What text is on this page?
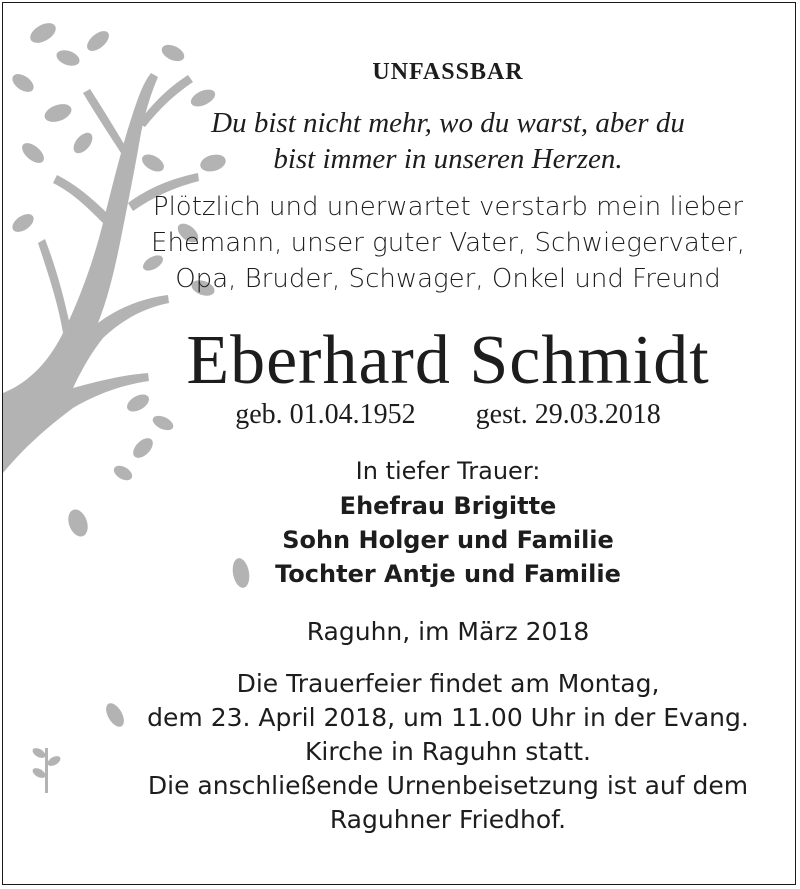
UNFASSBAR
Du bist nicht mehr, wo du warst, aber du
bist immer in unseren Herzen.
Plötzlich und unerwartet verstarb mein lieber
Ehemann, unser guter Vater, Schwiegervater,
Opa, Bruder, Schwager, Onkel und Freund
Eberhard Schmidt
geb. 01.04.1952 gest. 29.03.2018
In tiefer Trauer:
Ehefrau Brigitte
Sohn Holger und Familie
Tochter Antje und Familie
Raguhn, im März 2018
Die Trauerfeier findet am Montag,
dem 23. April 2018, um 11.00 Uhr in der Evang.
Kirche in Raguhn statt.
Die anschließende Urnenbeisetzung ist auf dem
Raguhner Friedhof.
